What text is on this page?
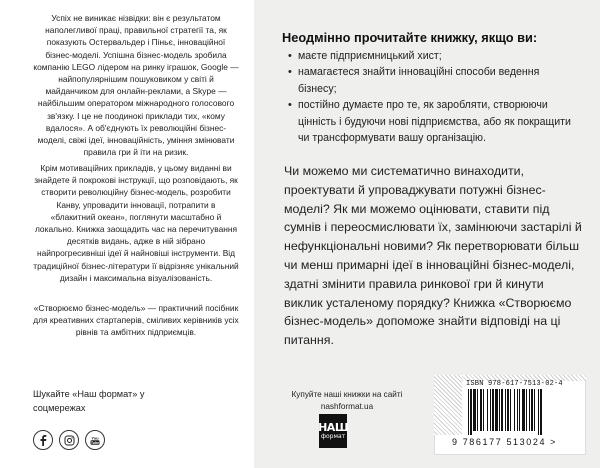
Успіх не виникає нізвідки: він є результатом наполегливої праці, правильної стратегії та, як показують Остервальдер і Піньє, інноваційної бізнес-моделі. Успішна бізнес-модель зробила компанію LEGO лідером на ринку іграшок, Google — найпопулярнішим пошуковиком у світі й майданчиком для онлайн-реклами, а Skype — найбільшим оператором міжнародного голосового зв'язку. І це не поодинокі приклади тих, «кому вдалося». А об'єднують їх революційні бізнес-моделі, свіжі ідеї, інноваційність, уміння змінювати правила гри й іти на ризик.

Крім мотиваційних прикладів, у цьому виданні ви знайдете й покрокові інструкції, що розповідають, як створити революційну бізнес-модель, розробити Канву, упровадити інновації, потрапити в «блакитний океан», поглянути масштабно й локально. Книжка заощадить час на перечитування десятків видань, адже в ній зібрано найпрогресивніші ідеї й найновіші інструменти. Від традиційної бізнес-літератури її відрізняє унікальний дизайн і максимальна візуалізованість.

«Створюємо бізнес-модель» — практичний посібник для креативних стартаперів, сміливих керівників усіх рівнів та амбітних підприємців.

Шукайте «Наш формат» у соцмережах

You
Tube

Неодмінно прочитайте книжку, якщо ви:

• маєте підприємницький хист;
• намагаєтеся знайти інноваційні способи ведення бізнесу;
• постійно думаєте про те, як заробляти, створюючи цінність і будуючи нові підприємства, або як покращити чи трансформувати вашу організацію.

Чи можемо ми систематично винаходити, проектувати й упроваджувати потужні бізнес-моделі? Як ми можемо оцінювати, ставити під сумнів і переосмислювати їх, замінюючи застарілі й нефункціональні новими? Як перетворювати більш чи менш примарні ідеї в інноваційні бізнес-моделі, здатні змінити правила ринкової гри й кинути виклик усталеному порядку? Книжка «Створюємо бізнес-модель» допоможе знайти відповіді на ці питання.

Купуйте наші книжки на сайті nashformat.ua

НАШ
формат

ISBN 978-617-7513-02-4

9 786177 513024 >
